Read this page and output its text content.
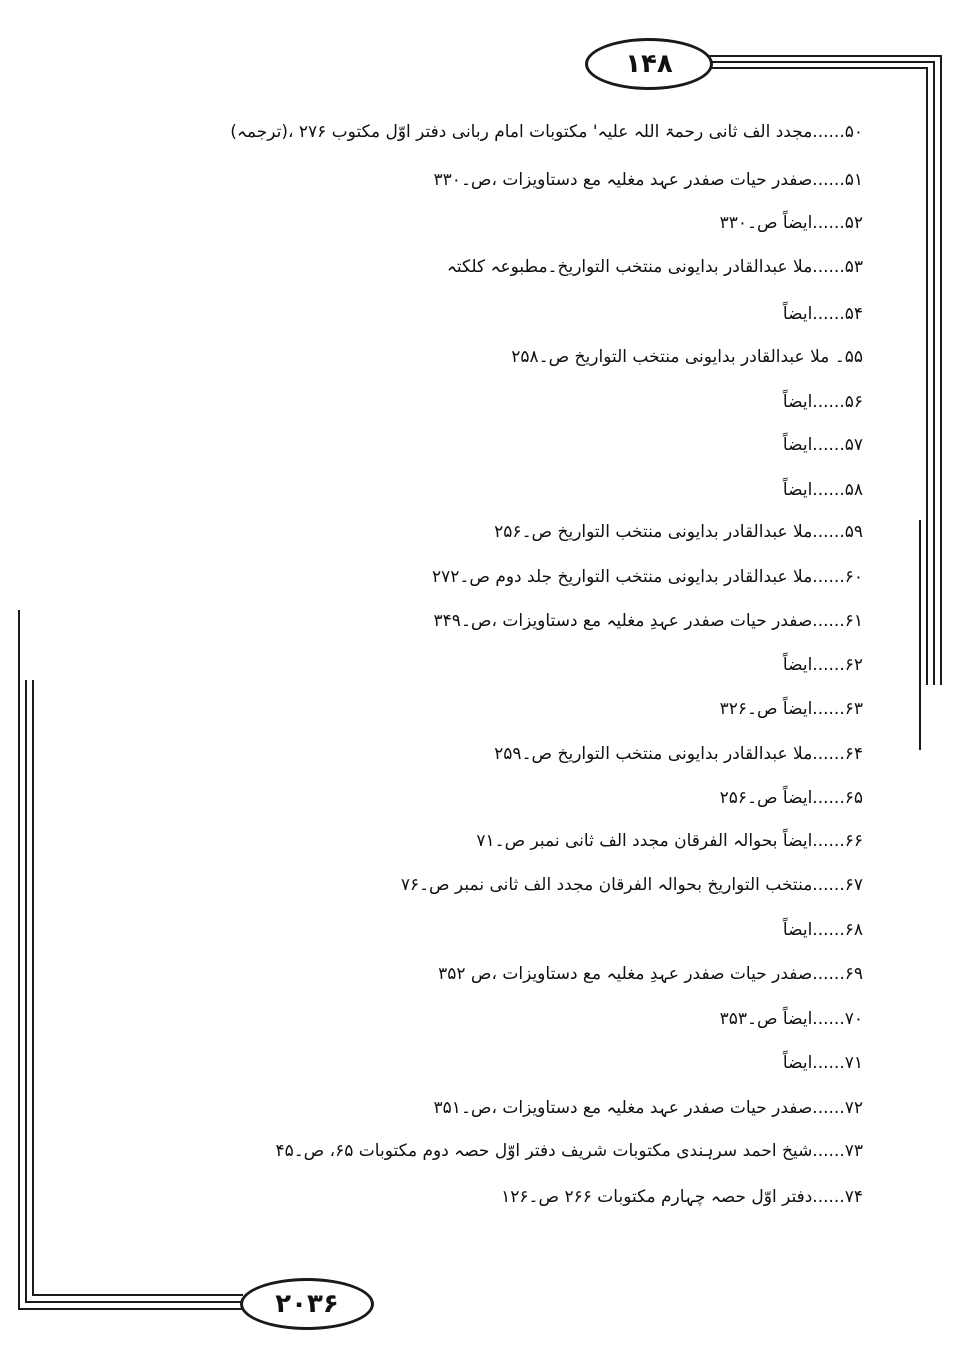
۱۴۸
۲۰۳۶
۵۰......مجدد الف ثانی رحمۃ اللہ علیہ' مکتوبات امام ربانی دفتر اوّل مکتوب ۲۷۶ ،(ترجمہ)
۵۱......صفدر حیات صفدر عہد مغلیہ مع دستاویزات ،ص۔۳۳۰
۵۲......ایضاً ص۔۳۳۰
۵۳......ملا عبدالقادر بدایونی منتخب التواریخ۔مطبوعہ کلکتہ
۵۴......ایضاً
۵۵۔ ملا عبدالقادر بدایونی منتخب التواریخ ص۔۲۵۸
۵۶......ایضاً
۵۷......ایضاً
۵۸......ایضاً
۵۹......ملا عبدالقادر بدایونی منتخب التواریخ ص۔۲۵۶
۶۰......ملا عبدالقادر بدایونی منتخب التواریخ جلد دوم ص۔۲۷۲
۶۱......صفدر حیات صفدر عہدِ مغلیہ مع دستاویزات ،ص۔۳۴۹
۶۲......ایضاً
۶۳......ایضاً ص۔۳۲۶
۶۴......ملا عبدالقادر بدایونی منتخب التواریخ ص۔۲۵۹
۶۵......ایضاً ص۔۲۵۶
۶۶......ایضاً بحوالہ الفرقان مجدد الف ثانی نمبر ص۔۷۱
۶۷......منتخب التواریخ بحوالہ الفرقان مجدد الف ثانی نمبر ص۔۷۶
۶۸......ایضاً
۶۹......صفدر حیات صفدر عہدِ مغلیہ مع دستاویزات ،ص ۳۵۲
۷۰......ایضاً ص۔۳۵۳
۷۱......ایضاً
۷۲......صفدر حیات صفدر عہد مغلیہ مع دستاویزات ،ص۔۳۵۱
۷۳......شیخ احمد سرہندی مکتوبات شریف دفتر اوّل حصہ دوم مکتوبات ۶۵، ص۔۴۵
۷۴......دفتر اوّل حصہ چہارم مکتوبات ۲۶۶ ص۔۱۲۶
